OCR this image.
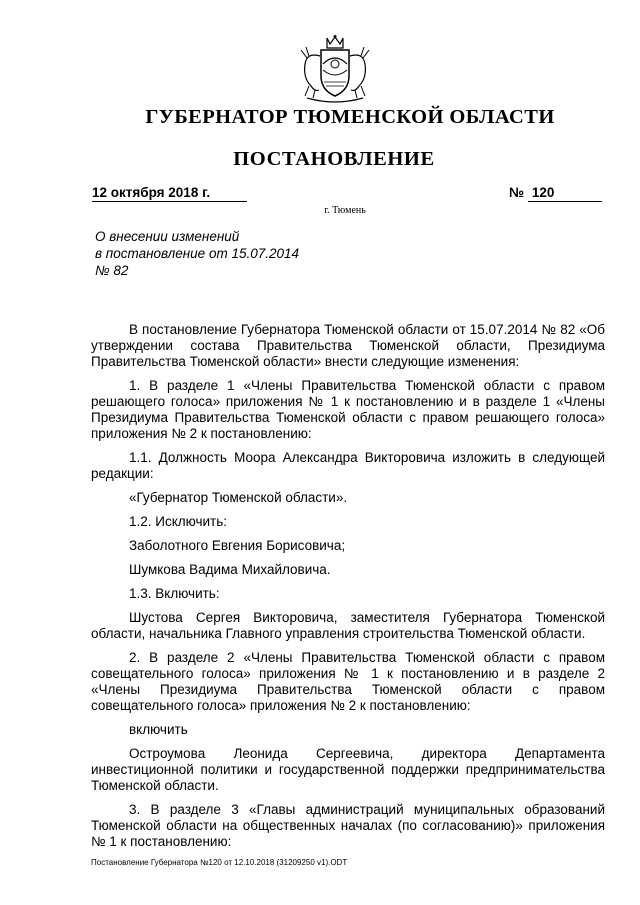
ГУБЕРНАТОР ТЮМЕНСКОЙ ОБЛАСТИ
ПОСТАНОВЛЕНИЕ
12 октября 2018 г.	№ 120
г. Тюмень
О внесении изменений
в постановление от 15.07.2014
№ 82

В постановление Губернатора Тюменской области от 15.07.2014 № 82 «Об утверждении состава Правительства Тюменской области, Президиума Правительства Тюменской области» внести следующие изменения:

1. В разделе 1 «Члены Правительства Тюменской области с правом решающего голоса» приложения № 1 к постановлению и в разделе 1 «Члены Президиума Правительства Тюменской области с правом решающего голоса» приложения № 2 к постановлению:

1.1. Должность Моора Александра Викторовича изложить в следующей редакции:

«Губернатор Тюменской области».

1.2. Исключить:

Заболотного Евгения Борисовича;

Шумкова Вадима Михайловича.

1.3. Включить:

Шустова Сергея Викторовича, заместителя Губернатора Тюменской области, начальника Главного управления строительства Тюменской области.

2. В разделе 2 «Члены Правительства Тюменской области с правом совещательного голоса» приложения № 1 к постановлению и в разделе 2 «Члены Президиума Правительства Тюменской области с правом совещательного голоса» приложения № 2 к постановлению:

включить

Остроумова Леонида Сергеевича, директора Департамента инвестиционной политики и государственной поддержки предпринимательства Тюменской области.

3. В разделе 3 «Главы администраций муниципальных образований Тюменской области на общественных началах (по согласованию)» приложения № 1 к постановлению:

Постановление Губернатора №120 от 12.10.2018 (31209250 v1).ODT
